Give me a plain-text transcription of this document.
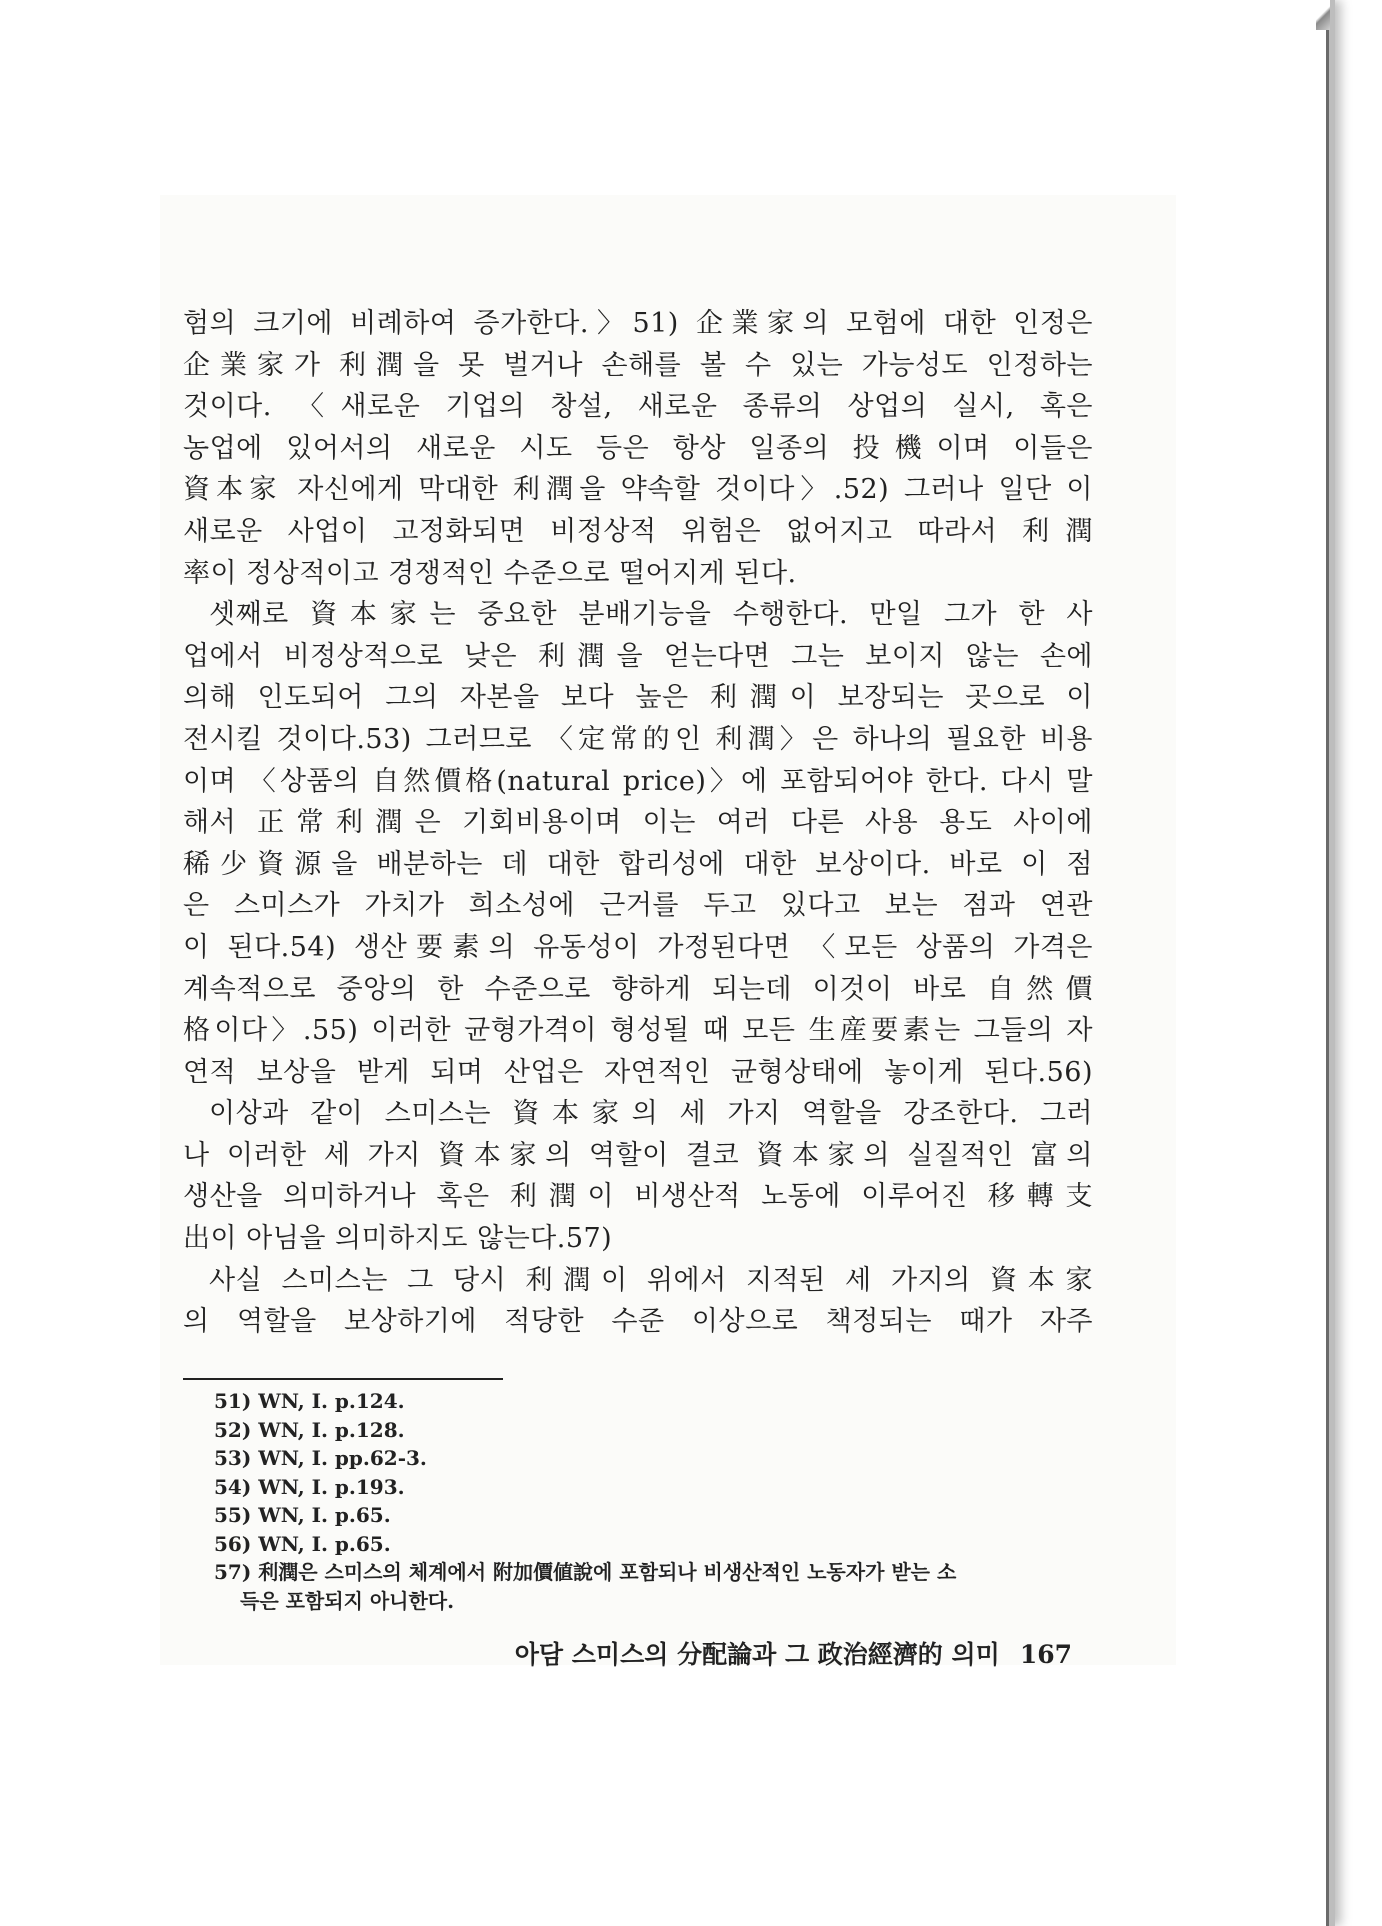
험의 크기에 비례하여 증가한다.〉51) 企業家의 모험에 대한 인정은
企業家가 利潤을 못 벌거나 손해를 볼 수 있는 가능성도 인정하는
것이다. 〈새로운 기업의 창설, 새로운 종류의 상업의 실시, 혹은
농업에 있어서의 새로운 시도 등은 항상 일종의 投機이며 이들은
資本家 자신에게 막대한 利潤을 약속할 것이다〉.52) 그러나 일단 이
새로운 사업이 고정화되면 비정상적 위험은 없어지고 따라서 利潤
率이 정상적이고 경쟁적인 수준으로 떨어지게 된다.
셋째로 資本家는 중요한 분배기능을 수행한다. 만일 그가 한 사
업에서 비정상적으로 낮은 利潤을 얻는다면 그는 보이지 않는 손에
의해 인도되어 그의 자본을 보다 높은 利潤이 보장되는 곳으로 이
전시킬 것이다.53) 그러므로 〈定常的인 利潤〉은 하나의 필요한 비용
이며 〈상품의 自然價格(natural price)〉에 포함되어야 한다. 다시 말
해서 正常利潤은 기회비용이며 이는 여러 다른 사용 용도 사이에
稀少資源을 배분하는 데 대한 합리성에 대한 보상이다. 바로 이 점
은 스미스가 가치가 희소성에 근거를 두고 있다고 보는 점과 연관
이 된다.54) 생산要素의 유동성이 가정된다면 〈모든 상품의 가격은
계속적으로 중앙의 한 수준으로 향하게 되는데 이것이 바로 自然價
格이다〉.55) 이러한 균형가격이 형성될 때 모든 生産要素는 그들의 자
연적 보상을 받게 되며 산업은 자연적인 균형상태에 놓이게 된다.56)
이상과 같이 스미스는 資本家의 세 가지 역할을 강조한다. 그러
나 이러한 세 가지 資本家의 역할이 결코 資本家의 실질적인 富의
생산을 의미하거나 혹은 利潤이 비생산적 노동에 이루어진 移轉支
出이 아님을 의미하지도 않는다.57)
사실 스미스는 그 당시 利潤이 위에서 지적된 세 가지의 資本家
의 역할을 보상하기에 적당한 수준 이상으로 책정되는 때가 자주
51) WN, I. p.124.
52) WN, I. p.128.
53) WN, I. pp.62-3.
54) WN, I. p.193.
55) WN, I. p.65.
56) WN, I. p.65.
57) 利潤은 스미스의 체계에서 附加價値說에 포함되나 비생산적인 노동자가 받는 소
득은 포함되지 아니한다.
아담 스미스의 分配論과 그 政治經濟的 의미 167
